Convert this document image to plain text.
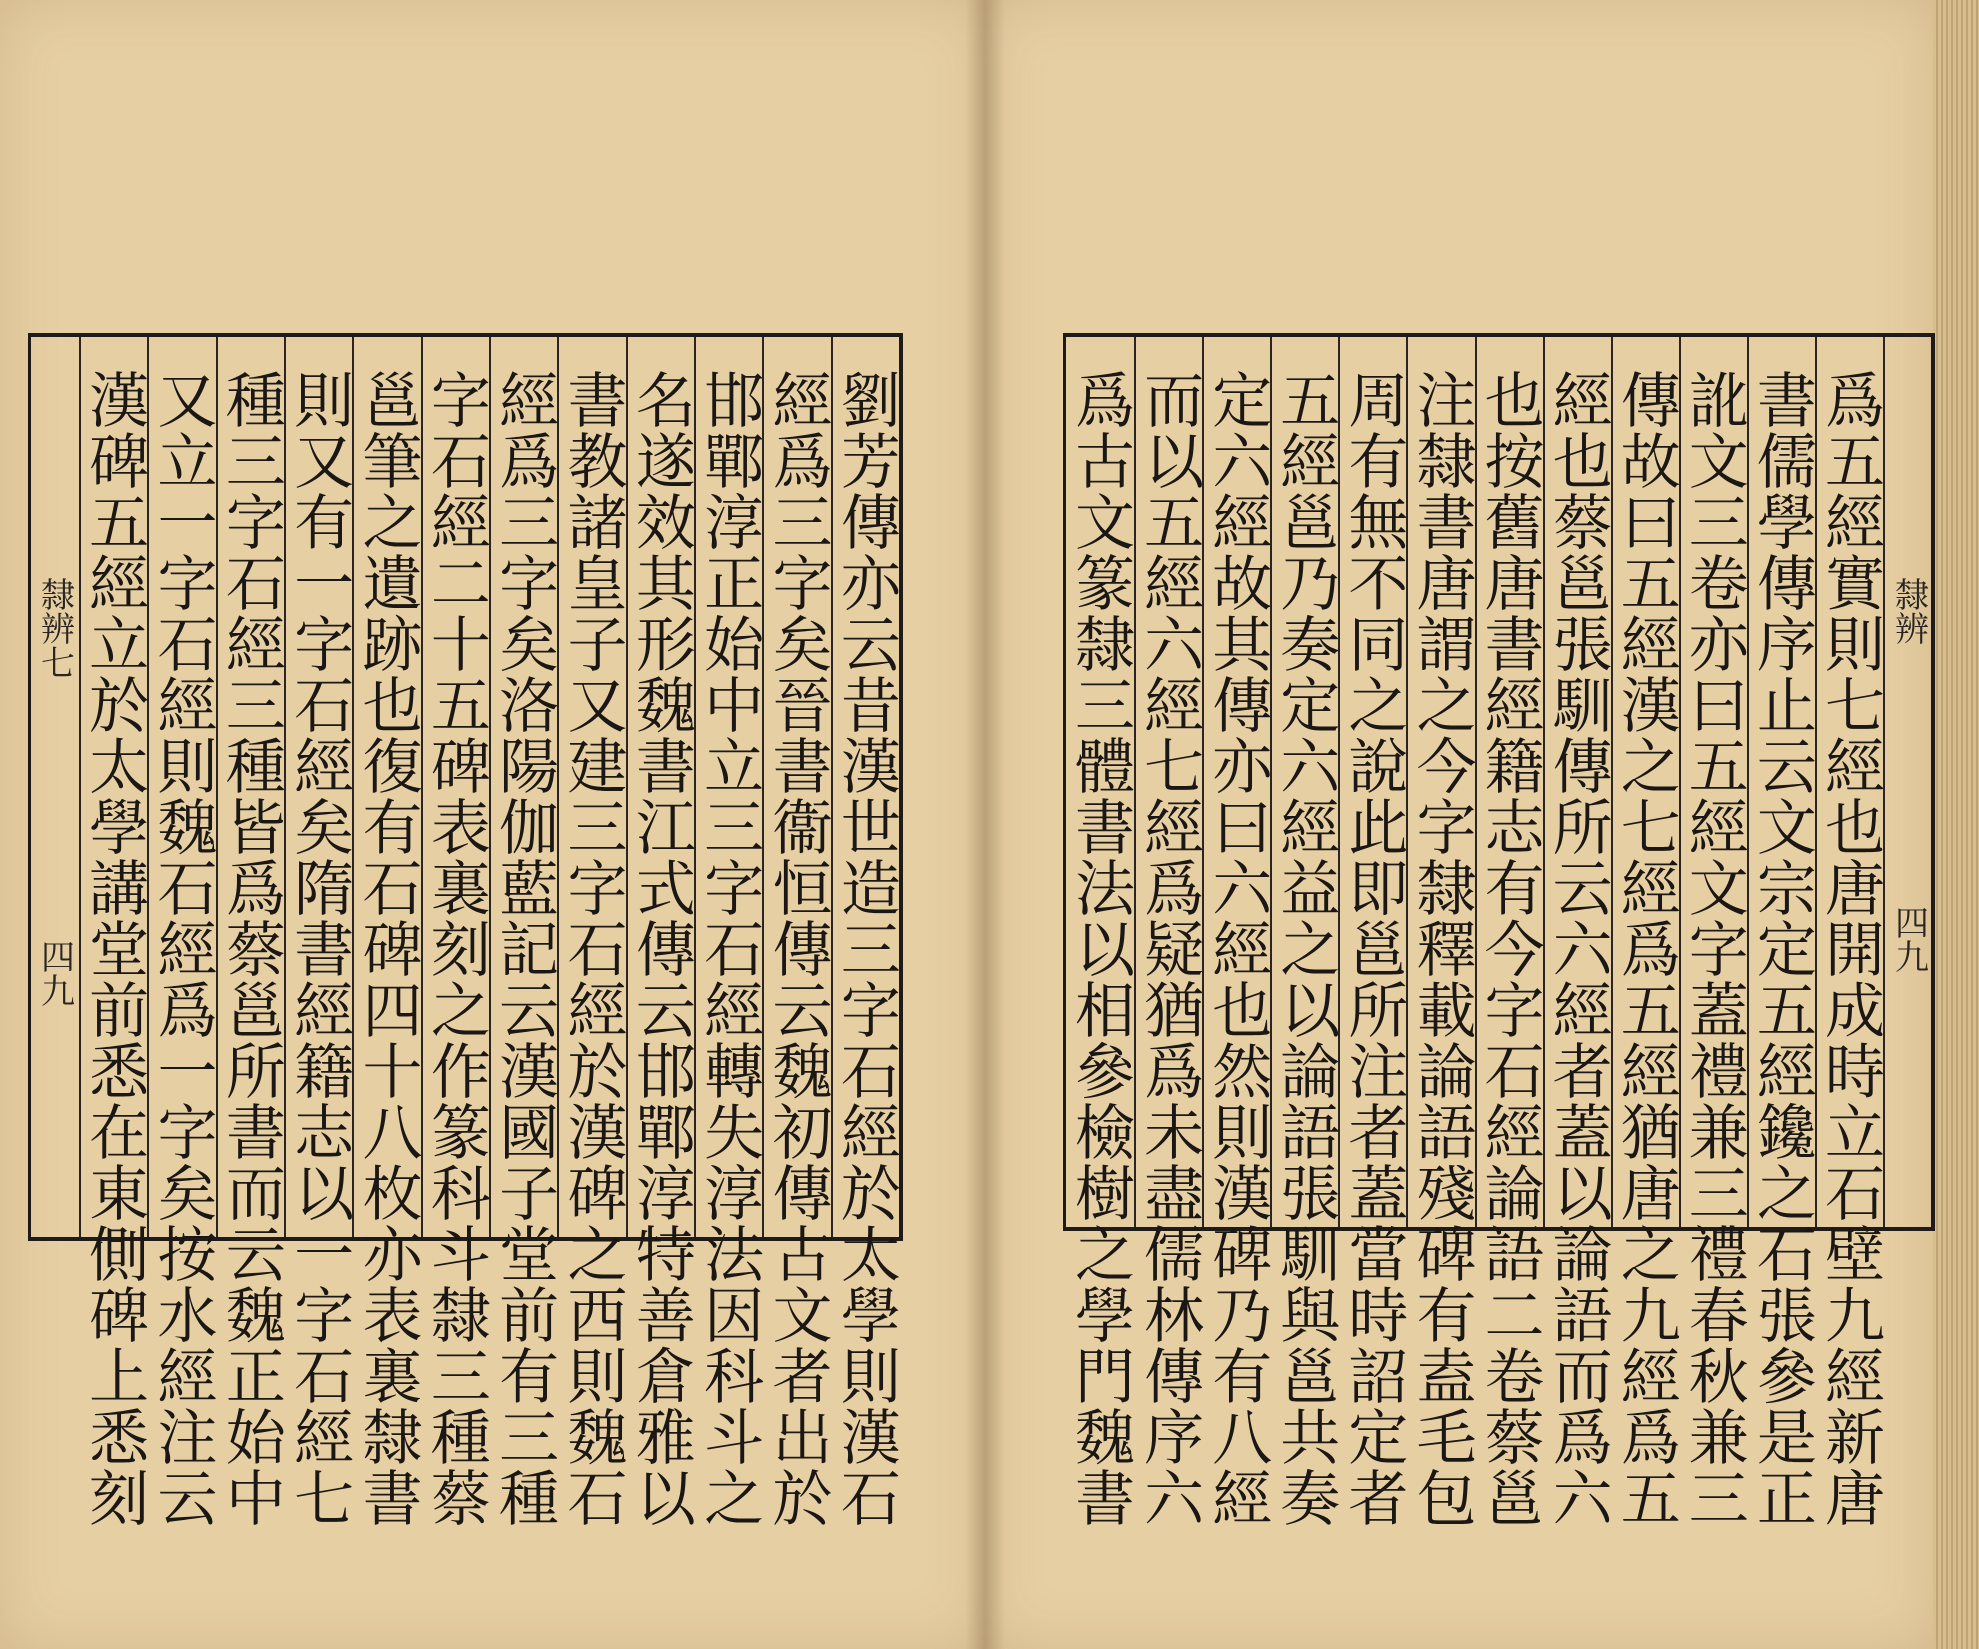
隸辨七
四九	劉芳傳亦云昔漢世造三字石經於太學則漢石
經爲三字矣晉書衞恒傳云魏初傳古文者出於
邯鄲淳正始中立三字石經轉失淳法因科斗之
名遂效其形魏書江式傳云邯鄲淳特善倉雅以
書教諸皇子又建三字石經於漢碑之西則魏石
經爲三字矣洛陽伽藍記云漢國子堂前有三種
字石經二十五碑表裏刻之作篆科斗隸三種蔡
邕筆之遺跡也復有石碑四十八枚亦表裏隸書
則又有一字石經矣隋書經籍志以一字石經七
種三字石經三種皆爲蔡邕所書而云魏正始中
又立一字石經則魏石經爲一字矣按水經注云
漢碑五經立於太學講堂前悉在東側碑上悉刻	隸辨
四九
爲五經實則七經也唐開成時立石壁九經新唐
書儒學傳序止云文宗定五經鑱之石張參是正
訛文三卷亦曰五經文字蓋禮兼三禮春秋兼三
傳故曰五經漢之七經爲五經猶唐之九經爲五
經也蔡邕張馴傳所云六經者蓋以論語而爲六
也按舊唐書經籍志有今字石經論語二卷蔡邕
注隸書唐謂之今字隸釋載論語殘碑有盍毛包
周有無不同之說此即邕所注者蓋當時詔定者
五經邕乃奏定六經益之以論語張馴與邕共奏
定六經故其傳亦曰六經也然則漢碑乃有八經
而以五經六經七經爲疑猶爲未盡儒林傳序六
爲古文篆隸三體書法以相參檢樹之學門魏書
